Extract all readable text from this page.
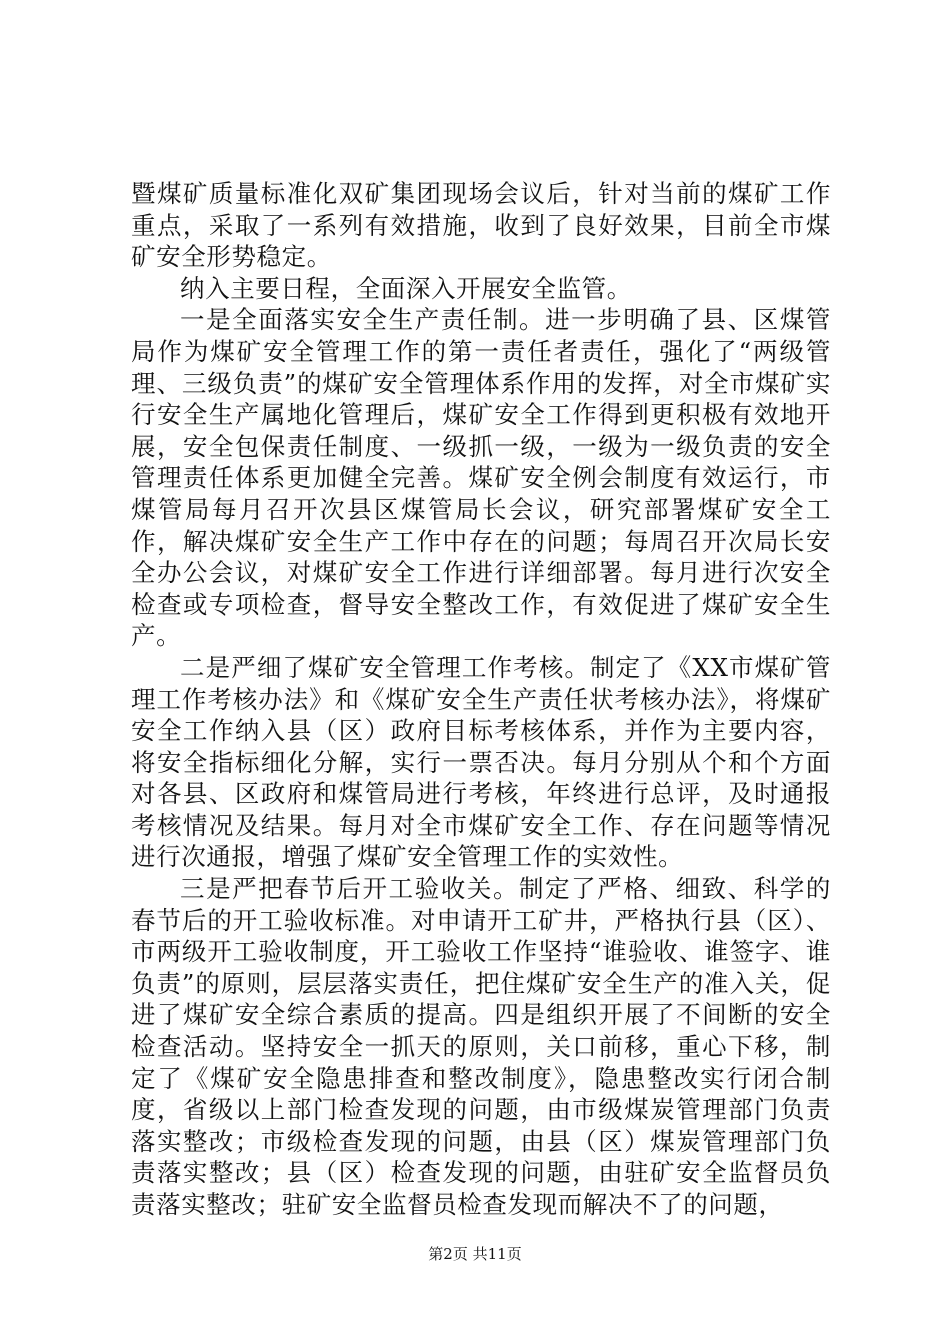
暨煤矿质量标准化双矿集团现场会议后，针对当前的煤矿工作重点，采取了一系列有效措施，收到了良好效果，目前全市煤矿安全形势稳定。

纳入主要日程，全面深入开展安全监管。

一是全面落实安全生产责任制。进一步明确了县、区煤管局作为煤矿安全管理工作的第一责任者责任，强化了“两级管理、三级负责”的煤矿安全管理体系作用的发挥，对全市煤矿实行安全生产属地化管理后，煤矿安全工作得到更积极有效地开展，安全包保责任制度、一级抓一级，一级为一级负责的安全管理责任体系更加健全完善。煤矿安全例会制度有效运行，市煤管局每月召开次县区煤管局长会议，研究部署煤矿安全工作，解决煤矿安全生产工作中存在的问题；每周召开次局长安全办公会议，对煤矿安全工作进行详细部署。每月进行次安全检查或专项检查，督导安全整改工作，有效促进了煤矿安全生产。

二是严细了煤矿安全管理工作考核。制定了《XX市煤矿管理工作考核办法》和《煤矿安全生产责任状考核办法》，将煤矿安全工作纳入县（区）政府目标考核体系，并作为主要内容，将安全指标细化分解，实行一票否决。每月分别从个和个方面对各县、区政府和煤管局进行考核，年终进行总评，及时通报考核情况及结果。每月对全市煤矿安全工作、存在问题等情况进行次通报，增强了煤矿安全管理工作的实效性。

三是严把春节后开工验收关。制定了严格、细致、科学的春节后的开工验收标准。对申请开工矿井，严格执行县（区）、市两级开工验收制度，开工验收工作坚持“谁验收、谁签字、谁负责”的原则，层层落实责任，把住煤矿安全生产的准入关，促进了煤矿安全综合素质的提高。四是组织开展了不间断的安全检查活动。坚持安全一抓天的原则，关口前移，重心下移，制定了《煤矿安全隐患排查和整改制度》，隐患整改实行闭合制度，省级以上部门检查发现的问题，由市级煤炭管理部门负责落实整改；市级检查发现的问题，由县（区）煤炭管理部门负责落实整改；县（区）检查发现的问题，由驻矿安全监督员负责落实整改；驻矿安全监督员检查发现而解决不了的问题，

第2页 共11页
